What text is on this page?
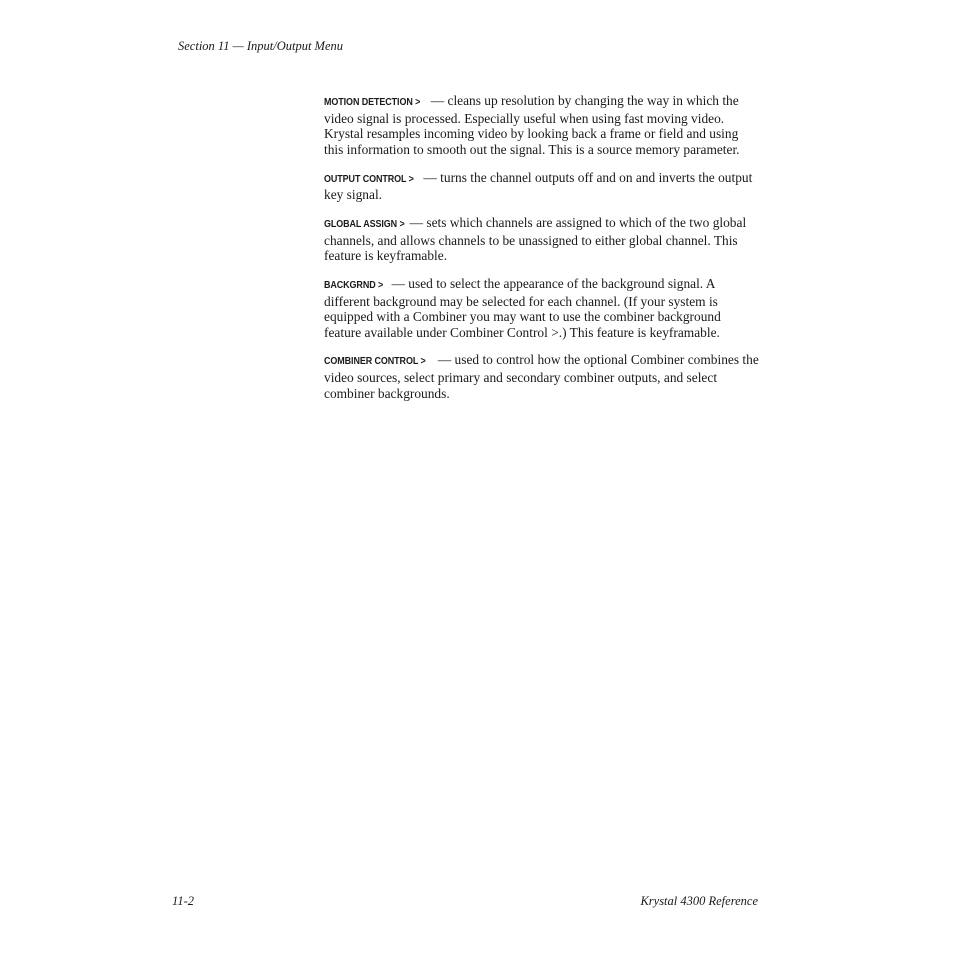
Section 11 — Input/Output Menu

MOTION DETECTION > — cleans up resolution by changing the way in which the video signal is processed. Especially useful when using fast moving video. Krystal resamples incoming video by looking back a frame or field and using this information to smooth out the signal. This is a source memory parameter.

OUTPUT CONTROL > — turns the channel outputs off and on and inverts the output key signal.

GLOBAL ASSIGN > — sets which channels are assigned to which of the two global channels, and allows channels to be unassigned to either global channel. This feature is keyframable.

BACKGRND > — used to select the appearance of the background signal. A different background may be selected for each channel. (If your system is equipped with a Combiner you may want to use the combiner background feature available under Combiner Control >.) This feature is keyframable.

COMBINER CONTROL > — used to control how the optional Combiner combines the video sources, select primary and secondary combiner outputs, and select combiner backgrounds.

11-2	Krystal 4300 Reference
